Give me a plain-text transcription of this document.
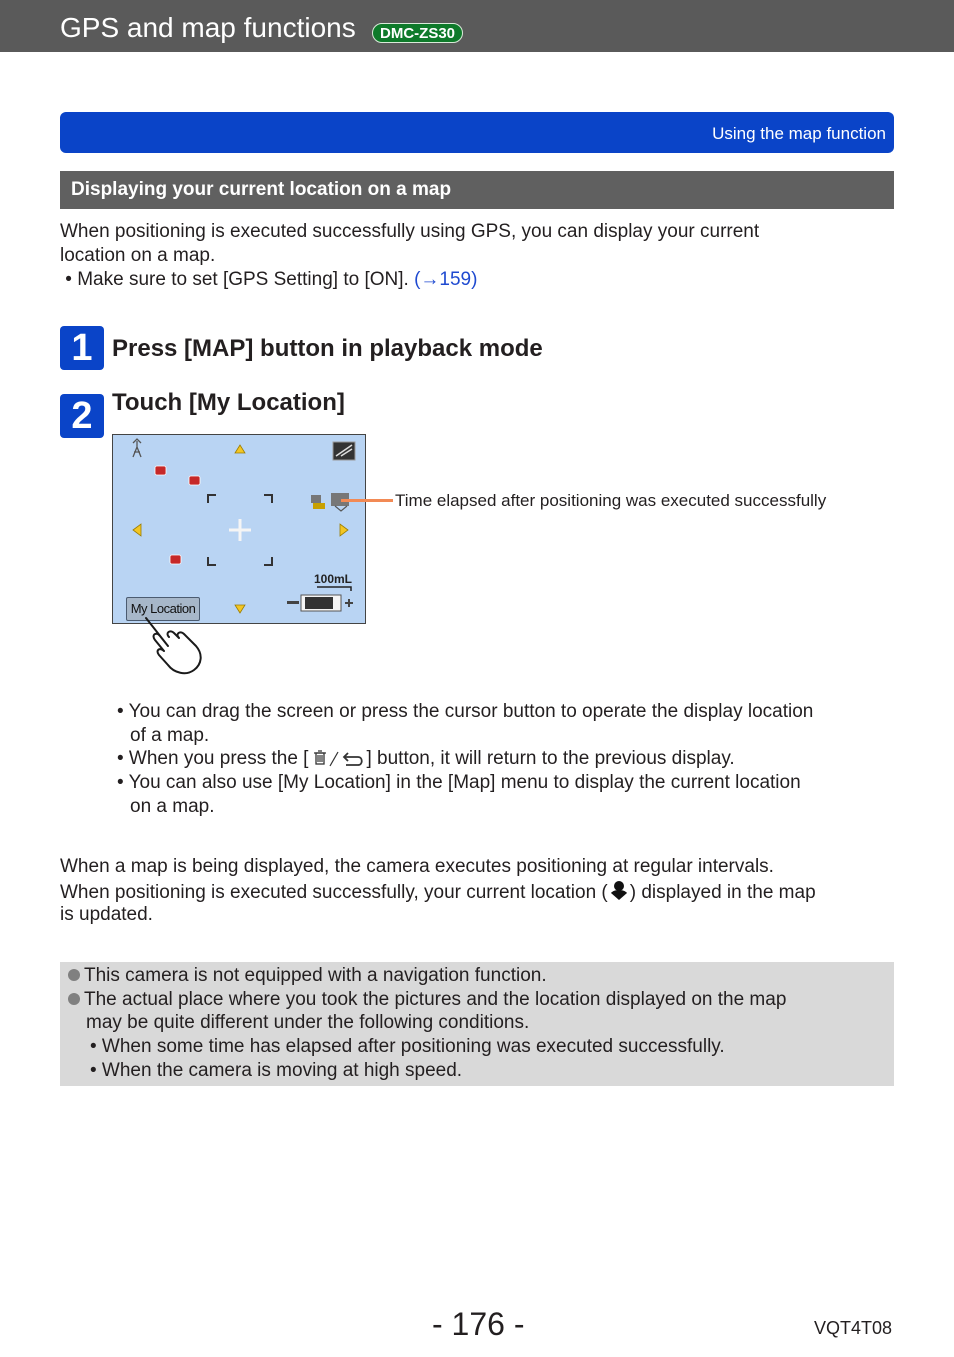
GPS and map functions	DMC-ZS30
Using the map function
Displaying your current location on a map

When positioning is executed successfully using GPS, you can display your current

location on a map.

• Make sure to set [GPS Setting] to [ON]. (→159)

1 Press [MAP] button in playback mode
2 Touch [My Location]
100mL
My Location
Time elapsed after positioning was executed successfully
• You can drag the screen or press the cursor button to operate the display location
of a map.
• When you press the [	] button, it will return to the previous display.
• You can also use [My Location] in the [Map] menu to display the current location
on a map.

When a map is being displayed, the camera executes positioning at regular intervals.

When positioning is executed successfully, your current location ( ) displayed in the map

is updated.

This camera is not equipped with a navigation function.
The actual place where you took the pictures and the location displayed on the map
may be quite different under the following conditions.
• When some time has elapsed after positioning was executed successfully.
• When the camera is moving at high speed.
- 176 -	VQT4T08
